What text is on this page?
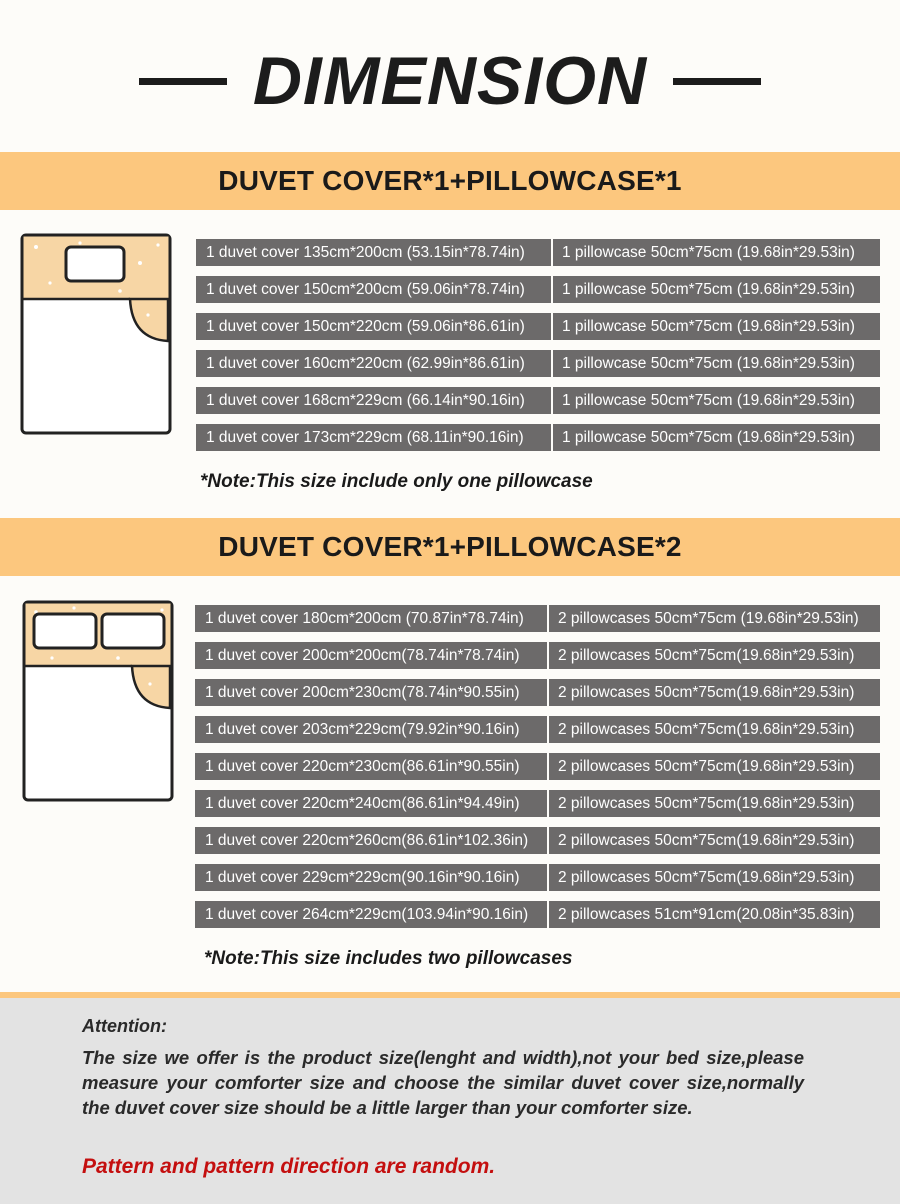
DIMENSION
DUVET COVER*1+PILLOWCASE*1
1 duvet cover 135cm*200cm (53.15in*78.74in) 1 pillowcase 50cm*75cm (19.68in*29.53in)
1 duvet cover 150cm*200cm (59.06in*78.74in) 1 pillowcase 50cm*75cm (19.68in*29.53in)
1 duvet cover 150cm*220cm (59.06in*86.61in) 1 pillowcase 50cm*75cm (19.68in*29.53in)
1 duvet cover 160cm*220cm (62.99in*86.61in) 1 pillowcase 50cm*75cm (19.68in*29.53in)
1 duvet cover 168cm*229cm (66.14in*90.16in) 1 pillowcase 50cm*75cm (19.68in*29.53in)
1 duvet cover 173cm*229cm (68.11in*90.16in) 1 pillowcase 50cm*75cm (19.68in*29.53in)
*Note:This size include only one pillowcase
DUVET COVER*1+PILLOWCASE*2
1 duvet cover 180cm*200cm (70.87in*78.74in) 2 pillowcases 50cm*75cm (19.68in*29.53in)
1 duvet cover 200cm*200cm(78.74in*78.74in) 2 pillowcases 50cm*75cm(19.68in*29.53in)
1 duvet cover 200cm*230cm(78.74in*90.55in) 2 pillowcases 50cm*75cm(19.68in*29.53in)
1 duvet cover 203cm*229cm(79.92in*90.16in) 2 pillowcases 50cm*75cm(19.68in*29.53in)
1 duvet cover 220cm*230cm(86.61in*90.55in) 2 pillowcases 50cm*75cm(19.68in*29.53in)
1 duvet cover 220cm*240cm(86.61in*94.49in) 2 pillowcases 50cm*75cm(19.68in*29.53in)
1 duvet cover 220cm*260cm(86.61in*102.36in) 2 pillowcases 50cm*75cm(19.68in*29.53in)
1 duvet cover 229cm*229cm(90.16in*90.16in) 2 pillowcases 50cm*75cm(19.68in*29.53in)
1 duvet cover 264cm*229cm(103.94in*90.16in) 2 pillowcases 51cm*91cm(20.08in*35.83in)
*Note:This size includes two pillowcases
Attention:
The size we offer is the product size(lenght and width),not your bed size,please measure your comforter size and choose the similar duvet cover size,normally the duvet cover size should be a little larger than your comforter size.
Pattern and pattern direction are random.
